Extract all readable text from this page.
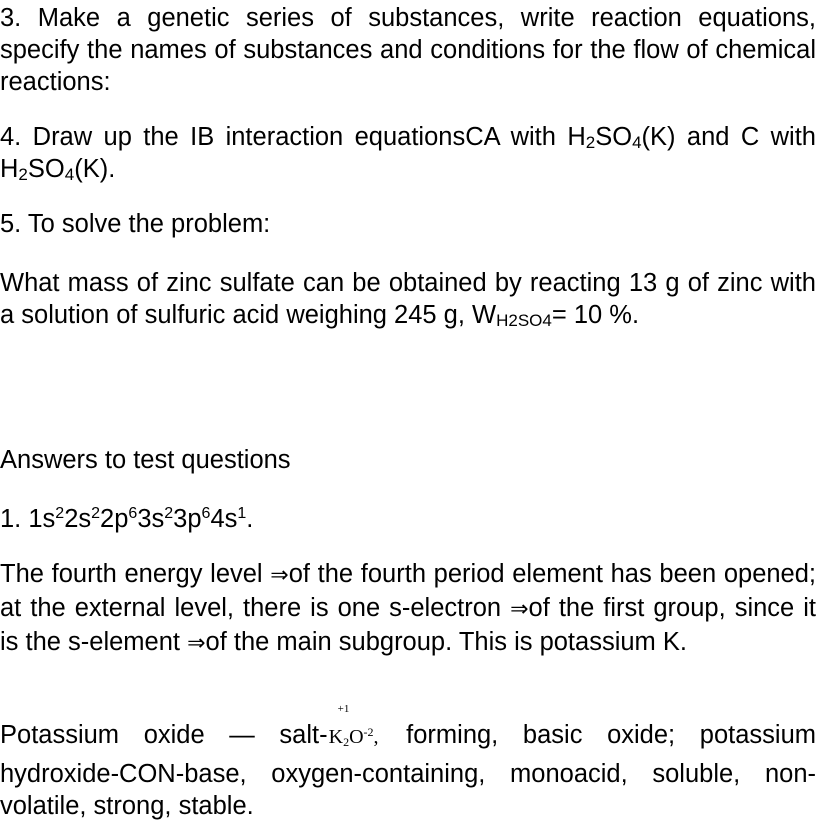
3. Make a genetic series of substances, write reaction equations, specify the names of substances and conditions for the flow of chemical reactions:

4. Draw up the IB interaction equationsCA with H2SO4(K) and C with H2SO4(K).

5. To solve the problem:

What mass of zinc sulfate can be obtained by reacting 13 g of zinc with a solution of sulfuric acid weighing 245 g, WH2SO4= 10 %.

Answers to test questions

1. $1s^22s^22p^63s^23p^64s^1$.

The fourth energy level ⇒of the fourth period element has been opened; at the external level, there is one s-electron ⇒of the first group, since it is the s-element ⇒of the main subgroup. This is potassium K.

Potassium oxide — salt-
+1
$K2O^{-2}$, forming, basic oxide; potassium hydroxide-CON-base, oxygen-containing, monoacid, soluble, non-volatile, strong, stable.
